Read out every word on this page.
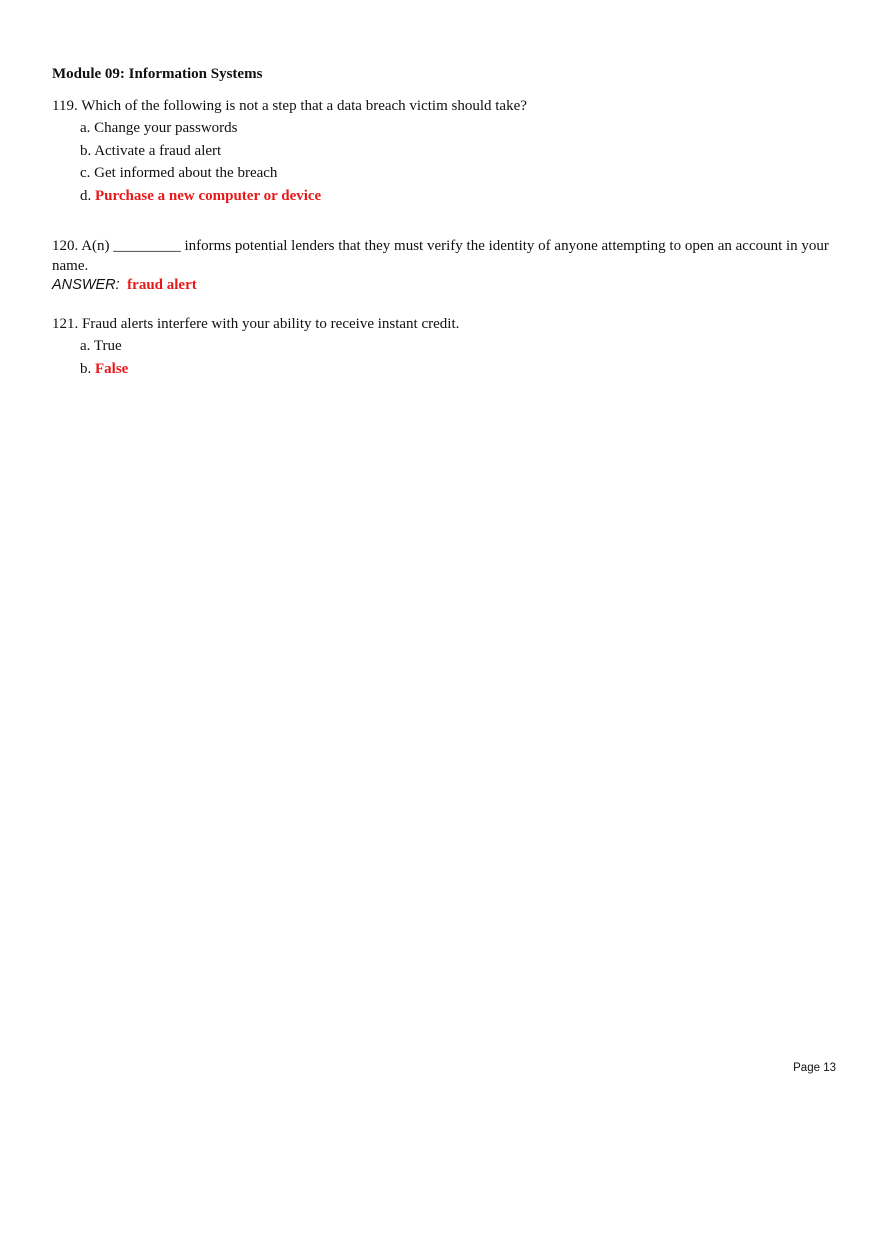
Module 09: Information Systems

119. Which of the following is not a step that a data breach victim should take?

a. Change your passwords
b. Activate a fraud alert
c. Get informed about the breach
d. Purchase a new computer or device

120. A(n) _________ informs potential lenders that they must verify the identity of anyone attempting to open an account in your name.

ANSWER: fraud alert

121. Fraud alerts interfere with your ability to receive instant credit.

a. True
b. False
Page 13
